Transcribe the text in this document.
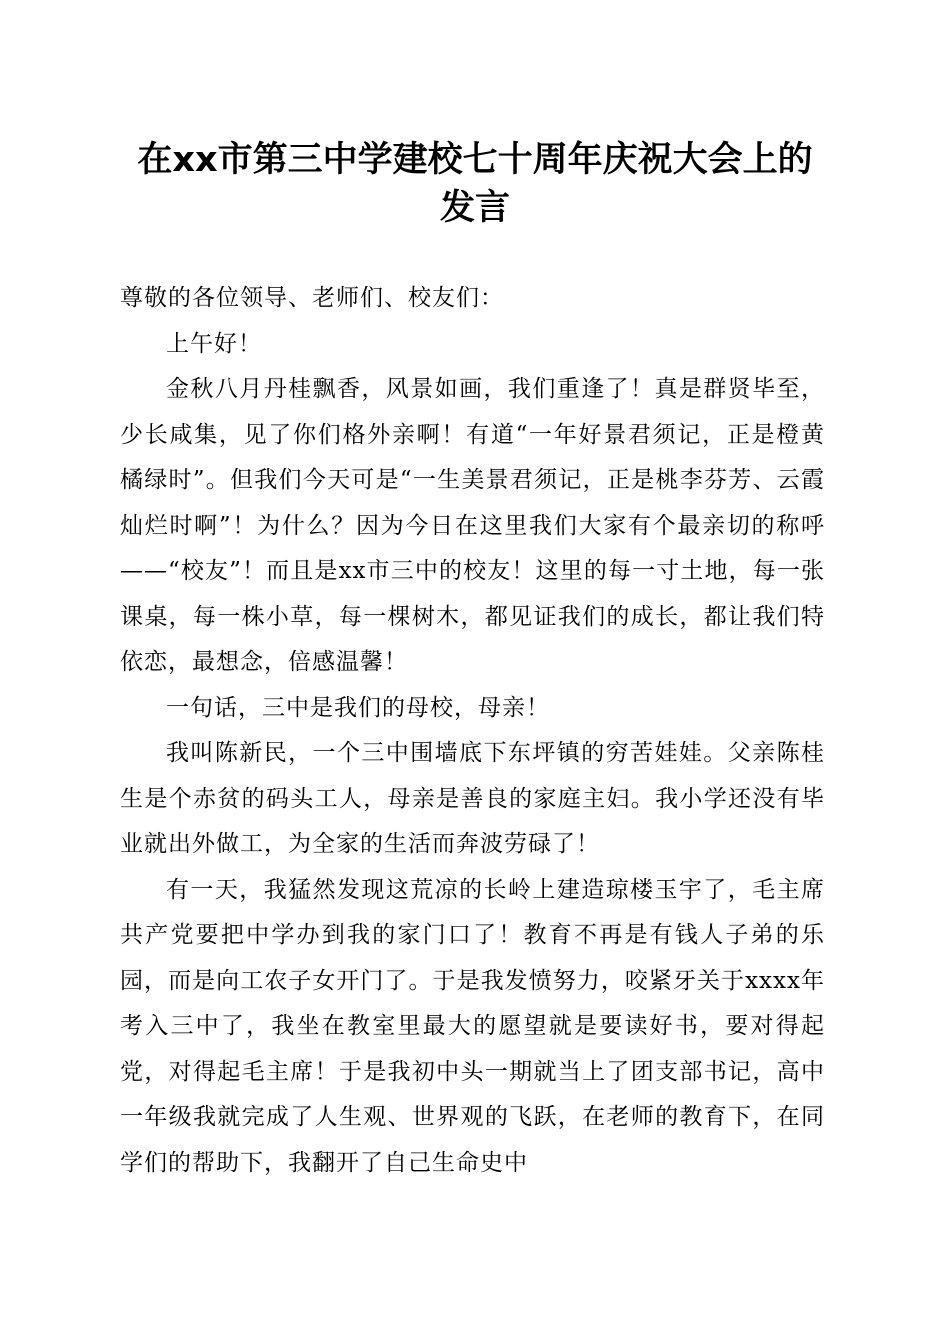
在xx市第三中学建校七十周年庆祝大会上的
发言

尊敬的各位领导、老师们、校友们：

上午好！

金秋八月丹桂飘香，风景如画，我们重逢了！真是群贤毕至，少长咸集，见了你们格外亲啊！有道“一年好景君须记，正是橙黄橘绿时”。但我们今天可是“一生美景君须记，正是桃李芬芳、云霞灿烂时啊”！为什么？因为今日在这里我们大家有个最亲切的称呼——“校友”！而且是xx市三中的校友！这里的每一寸土地，每一张课桌，每一株小草，每一棵树木，都见证我们的成长，都让我们特依恋，最想念，倍感温馨！

一句话，三中是我们的母校，母亲！

我叫陈新民，一个三中围墙底下东坪镇的穷苦娃娃。父亲陈桂生是个赤贫的码头工人，母亲是善良的家庭主妇。我小学还没有毕业就出外做工，为全家的生活而奔波劳碌了！

有一天，我猛然发现这荒凉的长岭上建造琼楼玉宇了，毛主席共产党要把中学办到我的家门口了！教育不再是有钱人子弟的乐园，而是向工农子女开门了。于是我发愤努力，咬紧牙关于xxxx年考入三中了，我坐在教室里最大的愿望就是要读好书，要对得起党，对得起毛主席！于是我初中头一期就当上了团支部书记，高中一年级我就完成了人生观、世界观的飞跃，在老师的教育下，在同学们的帮助下，我翻开了自己生命史中
